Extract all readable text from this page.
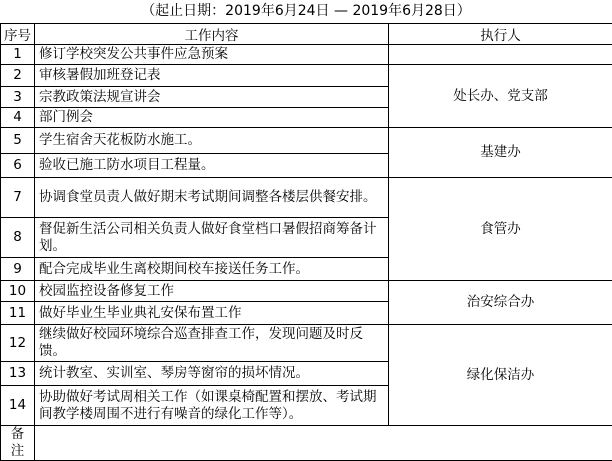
（起止日期：2019年6月24日 — 2019年6月28日）
序号	工作内容	执行人
1	修订学校突发公共事件应急预案	
2	审核暑假加班登记表	处长办、党支部
3	宗教政策法规宣讲会	
4	部门例会	
5	学生宿舍天花板防水施工。	基建办
6	验收已施工防水项目工程量。	
7	协调食堂员责人做好期末考试期间调整各楼层供餐安排。	食管办
8	督促新生活公司相关负责人做好食堂档口暑假招商筹备计划。	
9	配合完成毕业生离校期间校车接送任务工作。	
10	校园监控设备修复工作	治安综合办
11	做好毕业生毕业典礼安保布置工作	
12	继续做好校园环境综合巡查排查工作，发现问题及时反馈。	绿化保洁办
13	统计教室、实训室、琴房等窗帘的损坏情况。	
14	协助做好考试周相关工作（如课桌椅配置和摆放、考试期间教学楼周围不进行有噪音的绿化工作等）。	
备注		
